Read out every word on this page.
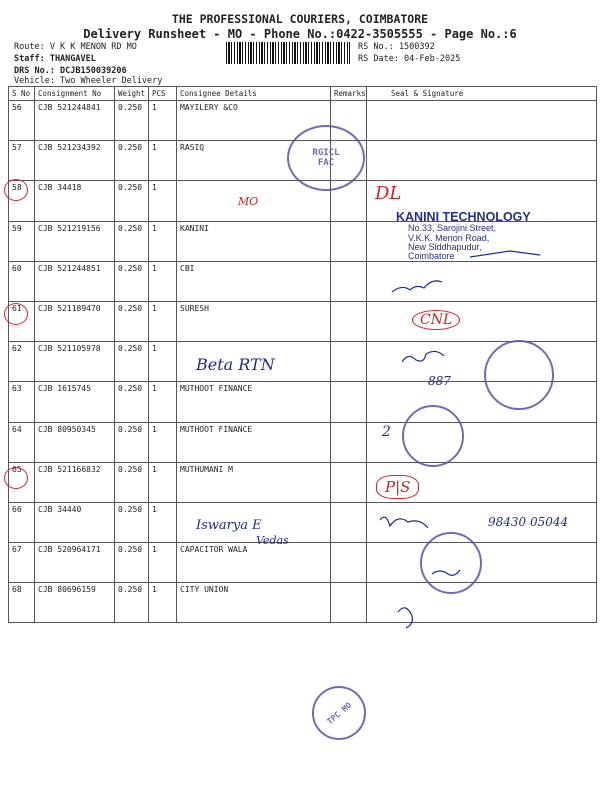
THE PROFESSIONAL COURIERS, COIMBATORE
Delivery Runsheet - MO - Phone No.:0422-3505555 - Page No.:6
Route: V K K MENON RD MO
Staff: THANGAVEL
DRS No.: DCJB150039206
Vehicle: Two Wheeler Delivery
RS No.: 1500392
RS Date: 04-Feb-2025
S No	Consignment No	Weight	PCS	Consignee Details	Remarks	Seal & Signature
56	CJB 521244841	0.250	1	MAYILERY &CO		
57	CJB 521234392	0.250	1	RASIQ		
58	CJB 34418	0.250	1			
59	CJB 521219156	0.250	1	KANINI		
60	CJB 521244851	0.250	1	CBI		
61	CJB 521189470	0.250	1	SURESH		
62	CJB 521105978	0.250	1			
63	CJB 1615745	0.250	1	MUTHOOT FINANCE		
64	CJB 80950345	0.250	1	MUTHOOT FINANCE		
65	CJB 521166832	0.250	1	MUTHUMANI M		
66	CJB 34440	0.250	1			
67	CJB 520964171	0.250	1	CAPACITOR WALA		
68	CJB 80696159	0.250	1	CITY UNION		
MO	DL
CNL
P|S
Beta RTN
Iswarya E
Vedas
98430 05044
887
2
KANINI TECHNOLOGY
No.33, Sarojini Street,
V.K.K. Menon Road,
New Siddhapudur,
Coimbatore
RGICL
FAC
TPC MO
